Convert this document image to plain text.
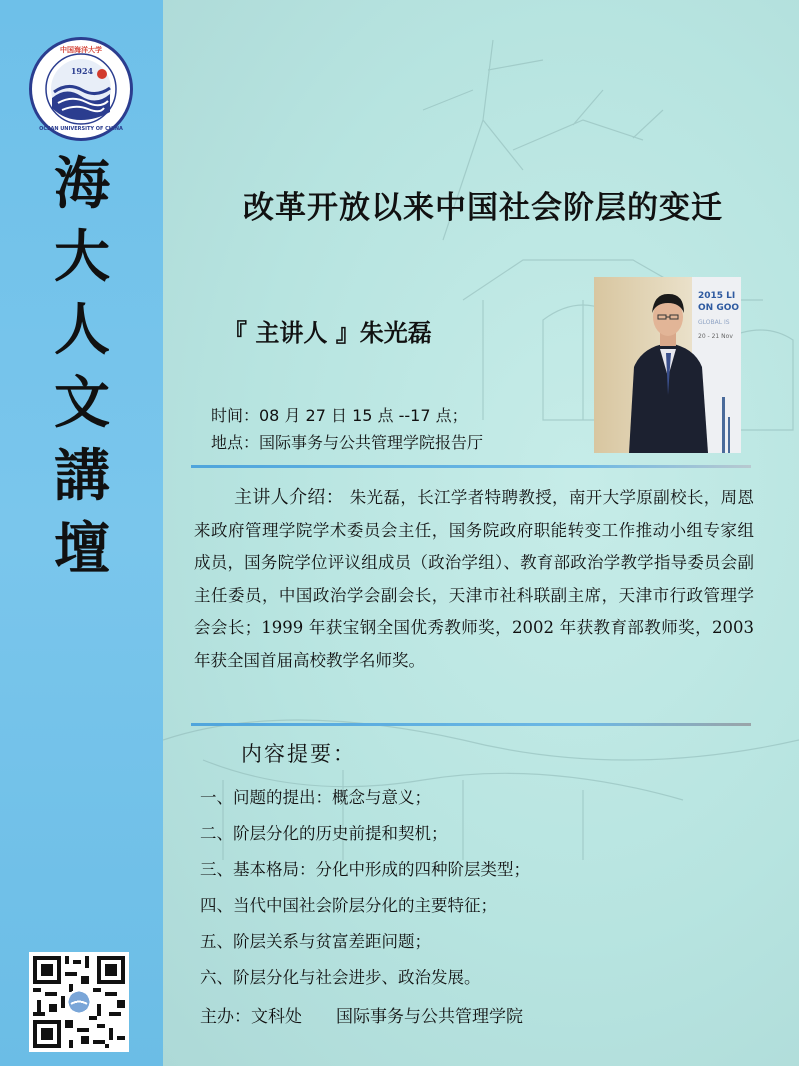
1924
中国海洋大学
OCEAN UNIVERSITY OF CHINA
海
大
人
文
講
壇
改革开放以来中国社会阶层的变迁
2015 LI
ON GOO
GLOBAL IS
20 - 21 Nov
『 主讲人 』朱光磊
时间：08 月 27 日 15 点 --17 点；
地点：国际事务与公共管理学院报告厅
主讲人介绍： 朱光磊，长江学者特聘教授，南开大学原副校长，周恩来政府管理学院学术委员会主任，国务院政府职能转变工作推动小组专家组成员，国务院学位评议组成员（政治学组）、教育部政治学教学指导委员会副主任委员，中国政治学会副会长，天津市社科联副主席，天津市行政管理学会会长；1999 年获宝钢全国优秀教师奖，2002 年获教育部教师奖，2003 年获全国首届高校教学名师奖。
内容提要：
一、问题的提出：概念与意义；
二、阶层分化的历史前提和契机；
三、基本格局：分化中形成的四种阶层类型；
四、当代中国社会阶层分化的主要特征；
五、阶层关系与贫富差距问题；
六、阶层分化与社会进步、政治发展。
主办：文科处 国际事务与公共管理学院
